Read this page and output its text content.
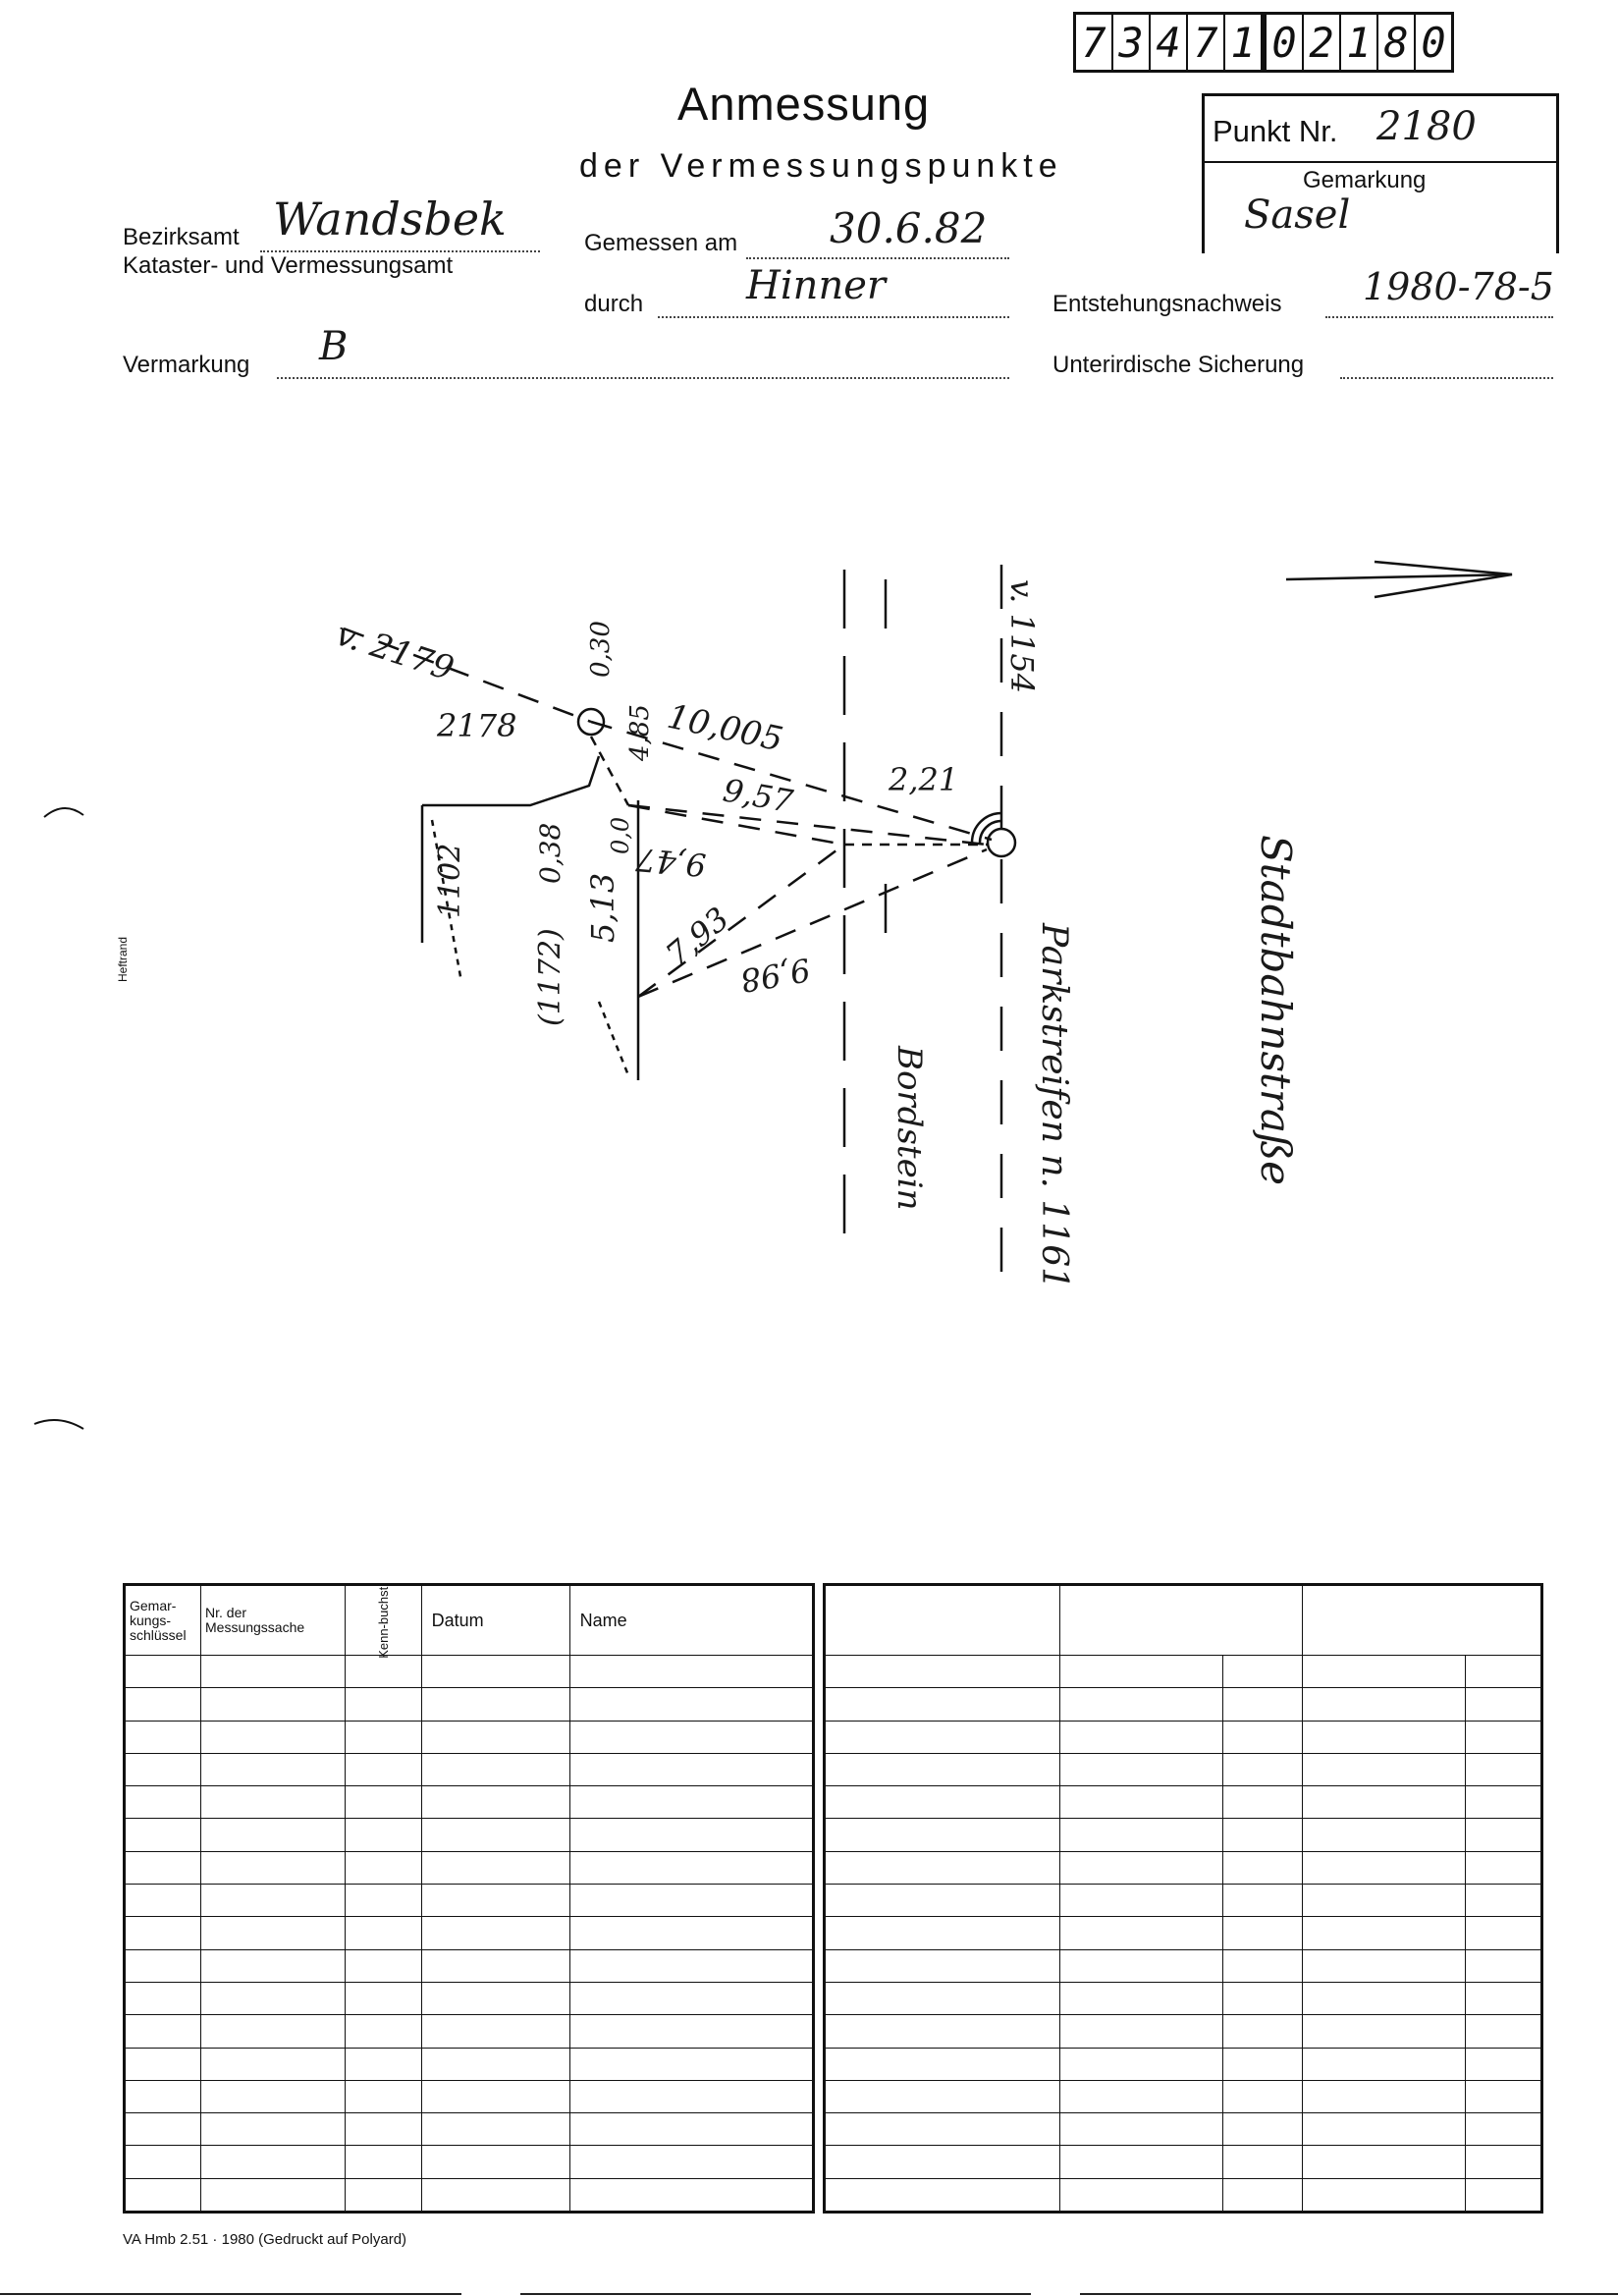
7 3 4 7 1 0 2 1 8 0
Anmessung
der Vermessungspunkte
Punkt Nr. 2180
Gemarkung
Sasel
Bezirksamt Wandsbek
Kataster- und Vermessungsamt
Gemessen am 30.6.82
durch	Hinner	Entstehungsnachweis 1980-78-5
Vermarkung B	Unterirdische Sicherung
v. 2179
2178
0,30
10,005
2,21
9,57
4,85
9,47
0,38
5,13
0,0
7,93
9,98
1102
(1172)
v. 1154
Bordstein	Parkstreifen n. 1161	Stadtbahnstraße
Heftrand
Gemar-kungs-schlüssel	Nr. der Messungssache	Kenn-buchst.	Datum	Name

VA Hmb 2.51 · 1980 (Gedruckt auf Polyard)
